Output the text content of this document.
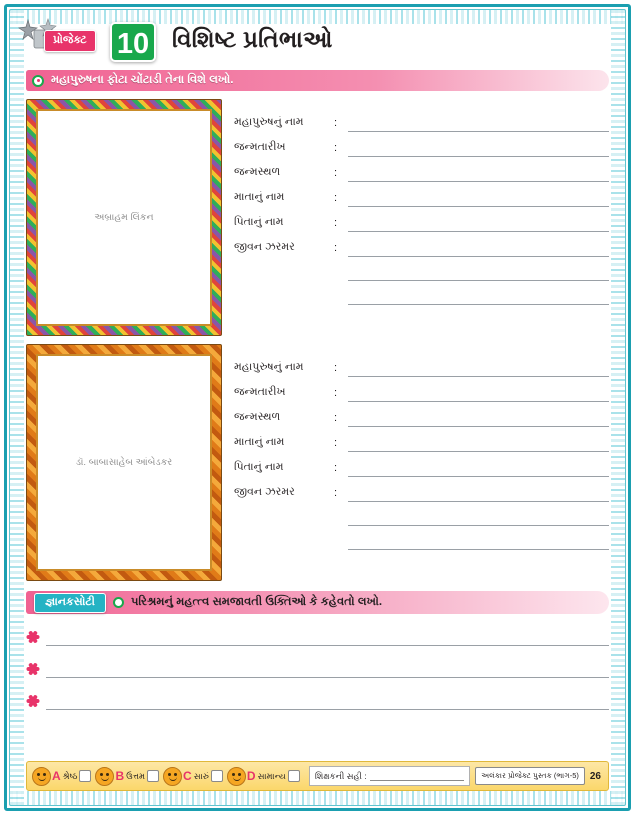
પ્રોજેક્ટ	10 વિશિષ્ટ પ્રતિભાઓ
મહાપુરુષના ફોટા ચોંટાડી તેના વિશે લખો.
અબ્રાહમ લિંકન
મહાપુરુષનું નામ	:
જન્મતારીખ	:
જન્મસ્થળ	:
માતાનું નામ	:
પિતાનું નામ	:
જીવન ઝરમર	:
ડૉ. બાબાસાહેબ આંબેડકર
મહાપુરુષનું નામ	:
જન્મતારીખ	:
જન્મસ્થળ	:
માતાનું નામ	:
પિતાનું નામ	:
જીવન ઝરમર	:
જ્ઞાનકસોટી	પરિશ્રમનું મહત્ત્વ સમજાવતી ઉક્તિઓ કે કહેવતો લખો.
A શ્રેષ્ઠ	B ઉત્તમ	C સારું	D સામાન્ય	શિક્ષકની સહી :	અલંકાર પ્રોજેક્ટ પુસ્તક (ભાગ-5)	26
